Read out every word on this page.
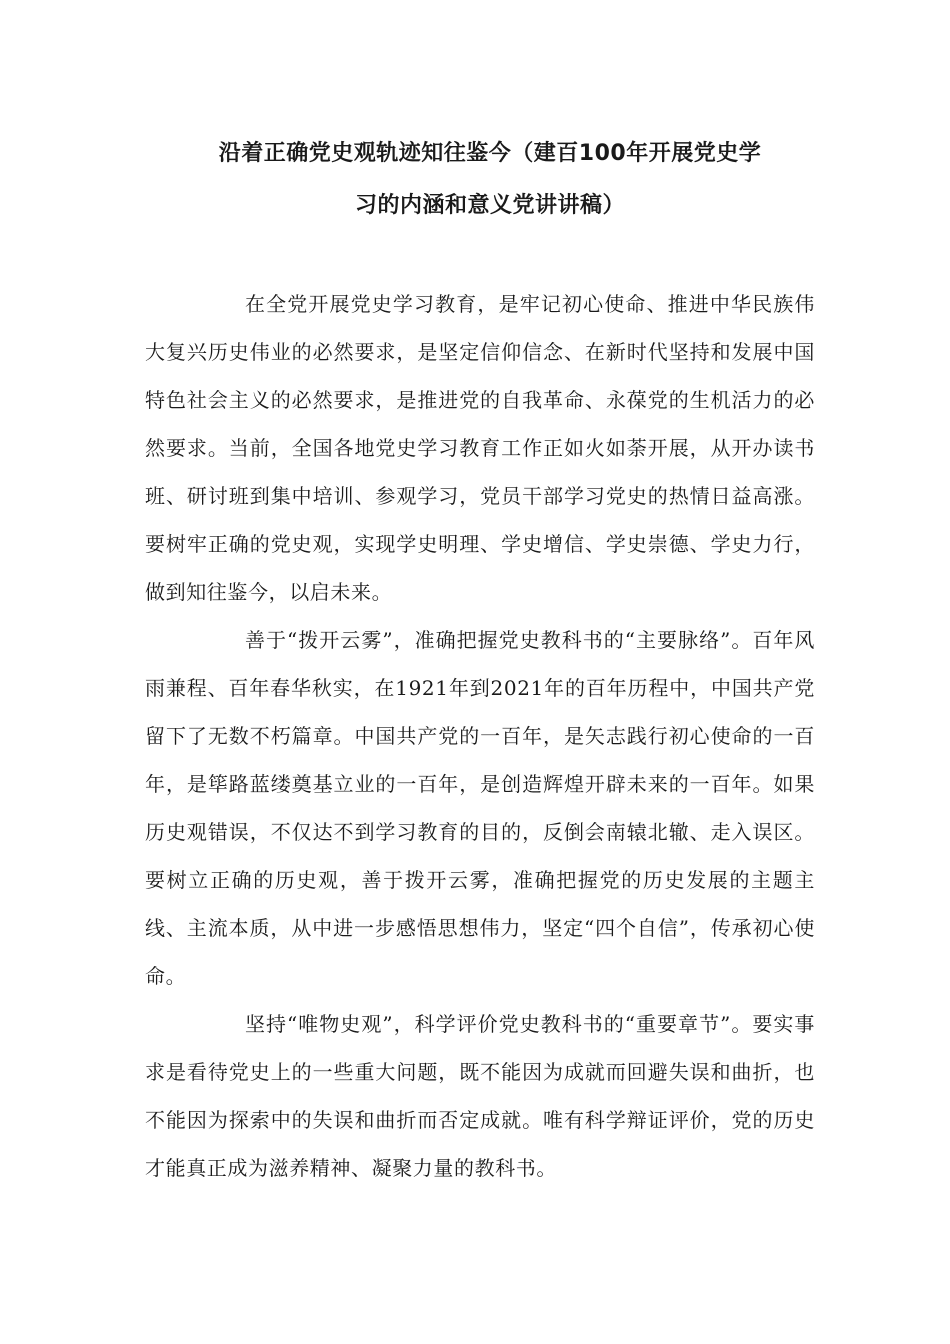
沿着正确党史观轨迹知往鉴今（建百100年开展党史学
习的内涵和意义党讲讲稿）

在全党开展党史学习教育，是牢记初心使命、推进中华民族伟大复兴历史伟业的必然要求，是坚定信仰信念、在新时代坚持和发展中国特色社会主义的必然要求，是推进党的自我革命、永葆党的生机活力的必然要求。当前，全国各地党史学习教育工作正如火如荼开展，从开办读书班、研讨班到集中培训、参观学习，党员干部学习党史的热情日益高涨。要树牢正确的党史观，实现学史明理、学史增信、学史崇德、学史力行，做到知往鉴今，以启未来。

善于“拨开云雾”，准确把握党史教科书的“主要脉络”。百年风雨兼程、百年春华秋实，在1921年到2021年的百年历程中，中国共产党留下了无数不朽篇章。中国共产党的一百年，是矢志践行初心使命的一百年，是筚路蓝缕奠基立业的一百年，是创造辉煌开辟未来的一百年。如果历史观错误，不仅达不到学习教育的目的，反倒会南辕北辙、走入误区。要树立正确的历史观，善于拨开云雾，准确把握党的历史发展的主题主线、主流本质，从中进一步感悟思想伟力，坚定“四个自信”，传承初心使命。

坚持“唯物史观”，科学评价党史教科书的“重要章节”。要实事求是看待党史上的一些重大问题，既不能因为成就而回避失误和曲折，也不能因为探索中的失误和曲折而否定成就。唯有科学辩证评价，党的历史才能真正成为滋养精神、凝聚力量的教科书。
